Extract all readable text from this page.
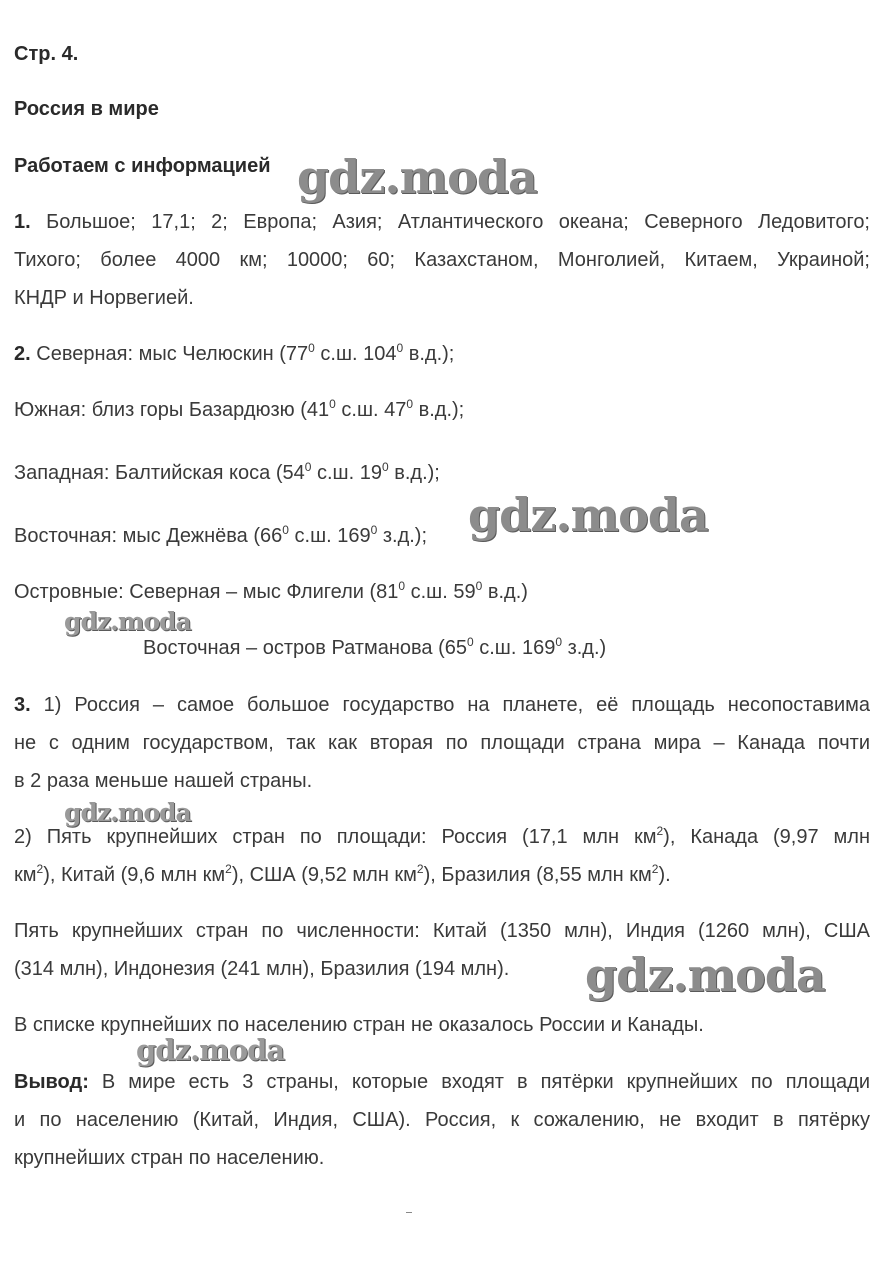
Стр. 4.
Россия в мире
Работаем с информацией
1. Большое; 17,1; 2; Европа; Азия; Атлантического океана; Северного Ледовитого;
Тихого; более 4000 км; 10000; 60; Казахстаном, Монголией, Китаем, Украиной;
КНДР и Норвегией.
2. Северная: мыс Челюскин ($77^0$ с.ш. $104^0$ в.д.);
Южная: близ горы Базардюзю ($41^0$ с.ш. $47^0$ в.д.);
Западная: Балтийская коса ($54^0$ с.ш. $19^0$ в.д.);
Восточная: мыс Дежнёва ($66^0$ с.ш. $169^0$ з.д.);
Островные: Северная – мыс Флигели ($81^0$ с.ш. $59^0$ в.д.)
Восточная – остров Ратманова ($65^0$ с.ш. $169^0$ з.д.)
3. 1) Россия – самое большое государство на планете, её площадь несопоставима
не с одним государством, так как вторая по площади страна мира – Канада почти
в 2 раза меньше нашей страны.
2) Пять крупнейших стран по площади: Россия (17,1 млн $км^2$), Канада (9,97 млн
$км^2$), Китай (9,6 млн $км^2$), США (9,52 млн $км^2$), Бразилия (8,55 млн $км^2$).
Пять крупнейших стран по численности: Китай (1350 млн), Индия (1260 млн), США
(314 млн), Индонезия (241 млн), Бразилия (194 млн).
В списке крупнейших по населению стран не оказалось России и Канады.
Вывод: В мире есть 3 страны, которые входят в пятёрки крупнейших по площади
и по населению (Китай, Индия, США). Россия, к сожалению, не входит в пятёрку
крупнейших стран по населению.
gdz.moda
gdz.moda
gdz.moda
gdz.moda
gdz.moda
gdz.moda
